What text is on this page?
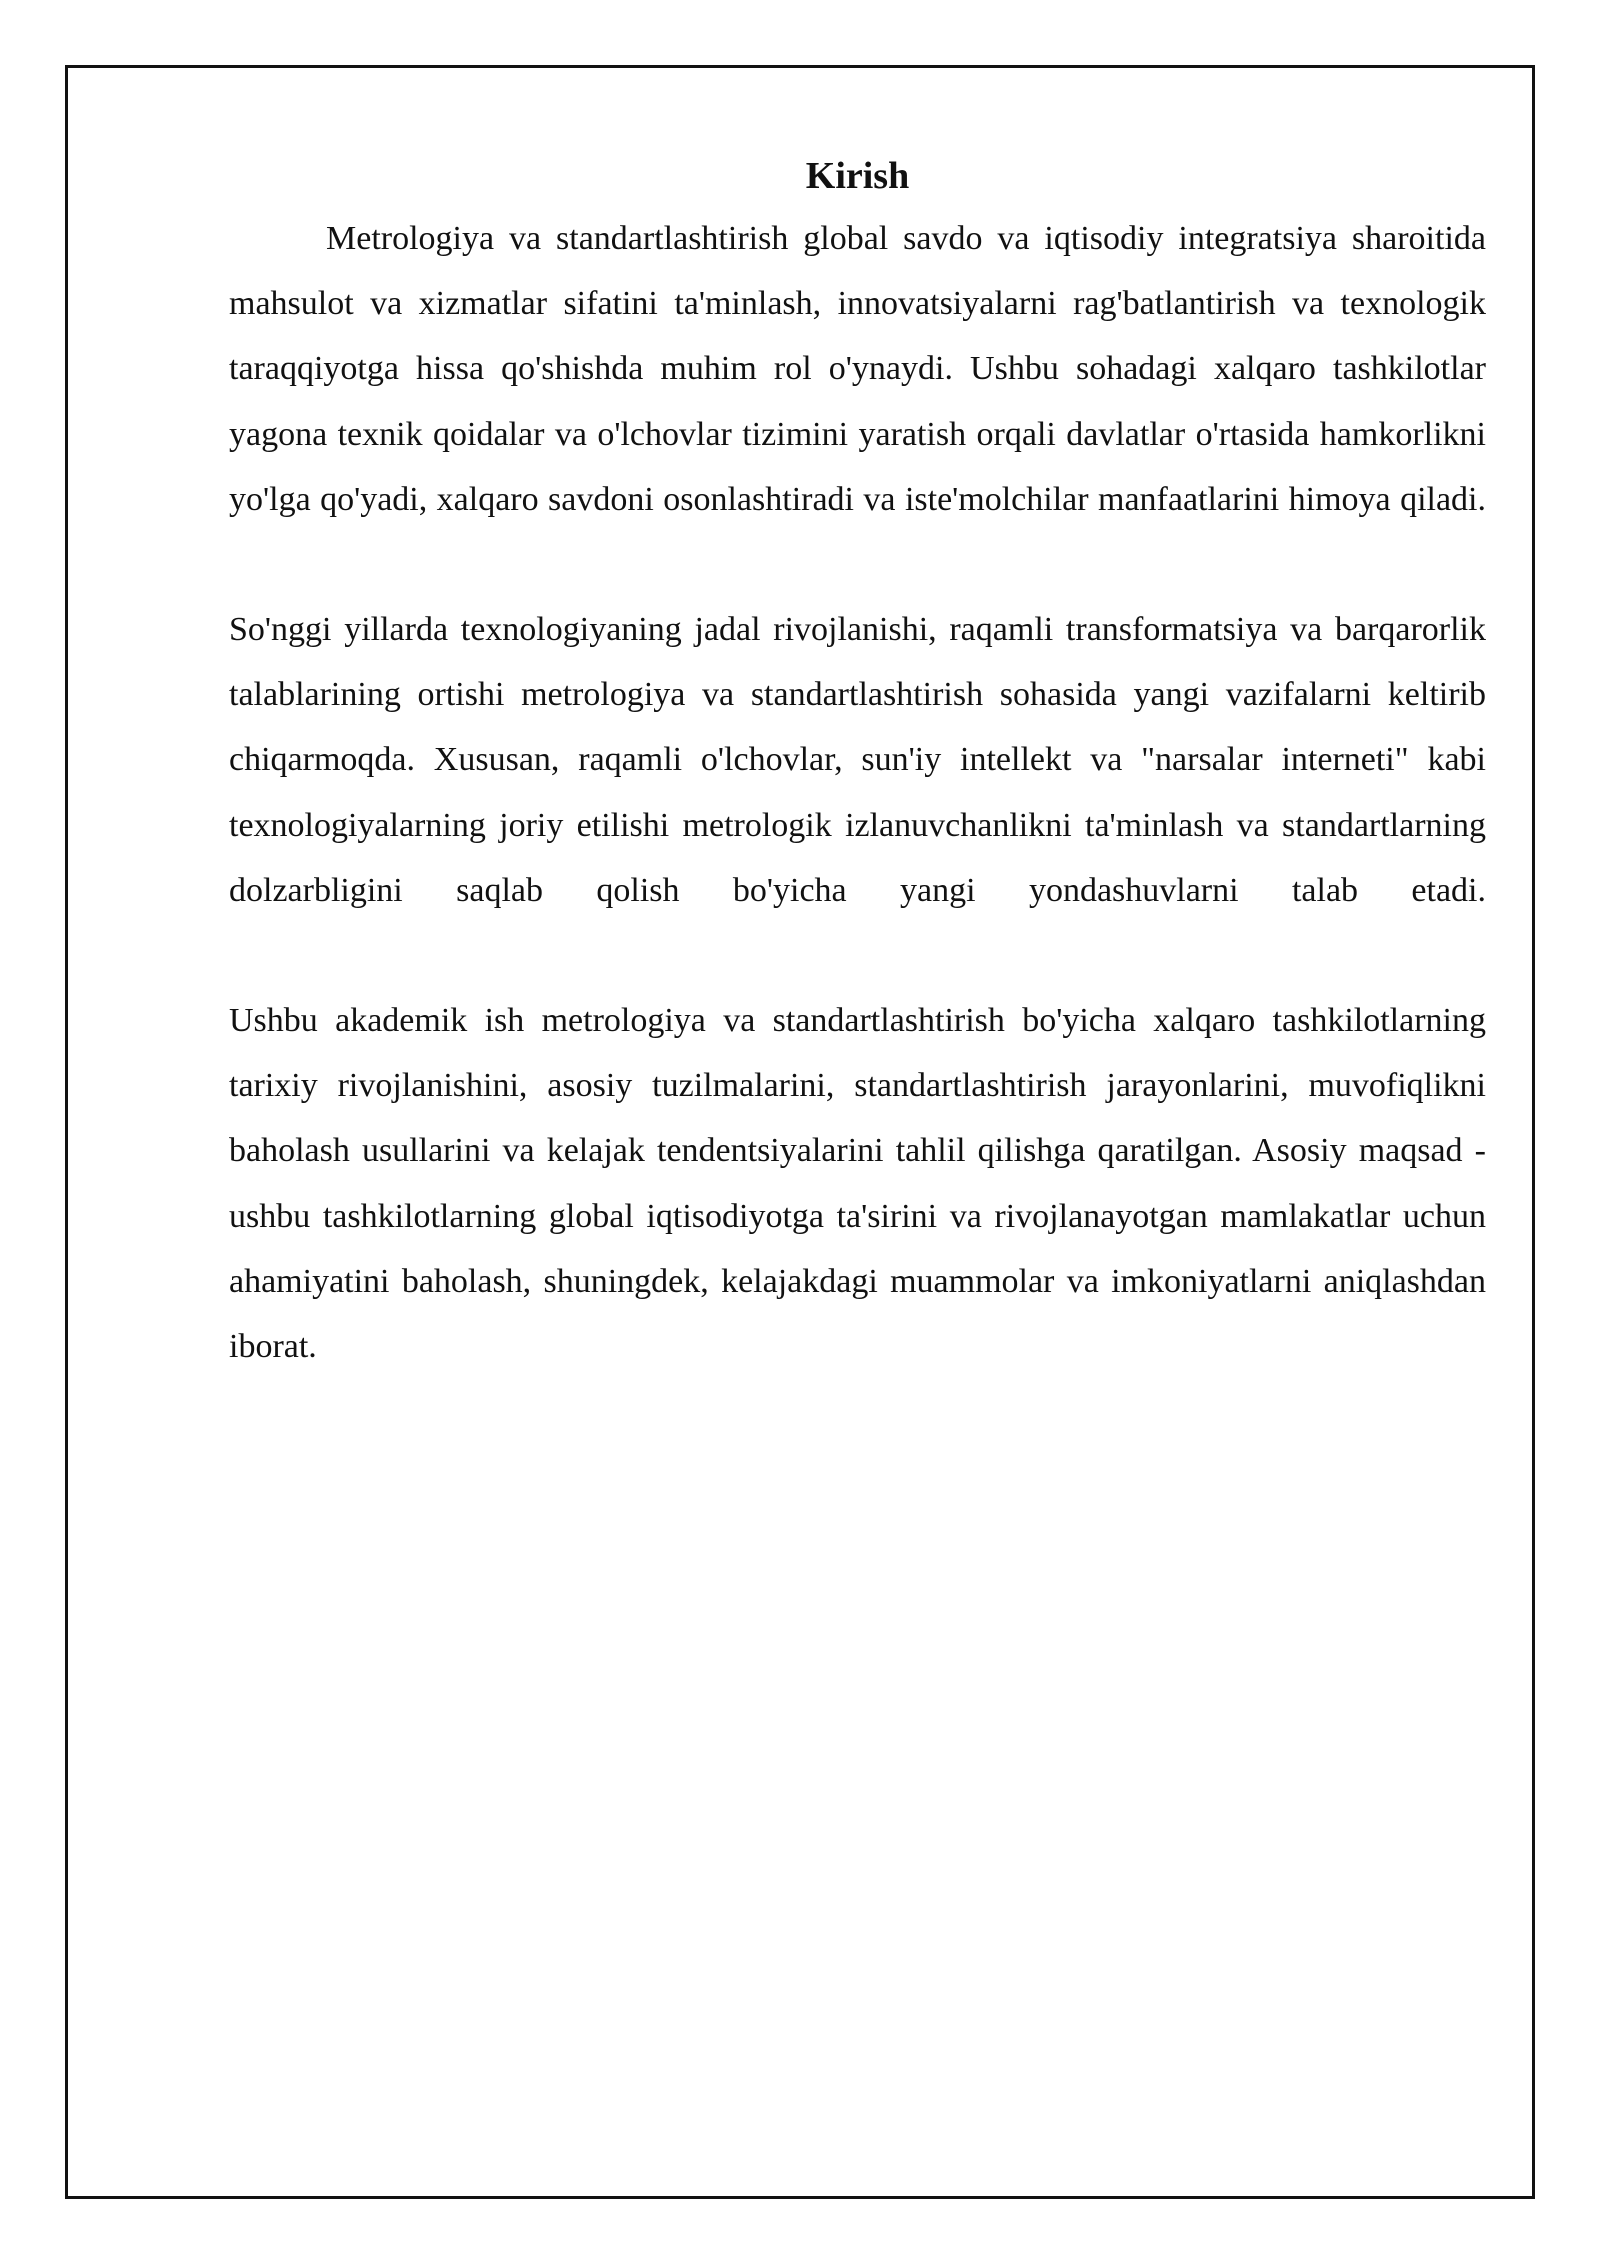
Kirish

Metrologiya va standartlashtirish global savdo va iqtisodiy integratsiya sharoitida mahsulot va xizmatlar sifatini ta'minlash, innovatsiyalarni rag'batlantirish va texnologik taraqqiyotga hissa qo'shishda muhim rol o'ynaydi. Ushbu sohadagi xalqaro tashkilotlar yagona texnik qoidalar va o'lchovlar tizimini yaratish orqali davlatlar o'rtasida hamkorlikni yo'lga qo'yadi, xalqaro savdoni osonlashtiradi va iste'molchilar manfaatlarini himoya qiladi.

So'nggi yillarda texnologiyaning jadal rivojlanishi, raqamli transformatsiya va barqarorlik talablarining ortishi metrologiya va standartlashtirish sohasida yangi vazifalarni keltirib chiqarmoqda. Xususan, raqamli o'lchovlar, sun'iy intellekt va "narsalar interneti" kabi texnologiyalarning joriy etilishi metrologik izlanuvchanlikni ta'minlash va standartlarning dolzarbligini saqlab qolish bo'yicha yangi yondashuvlarni talab etadi.

Ushbu akademik ish metrologiya va standartlashtirish bo'yicha xalqaro tashkilotlarning tarixiy rivojlanishini, asosiy tuzilmalarini, standartlashtirish jarayonlarini, muvofiqlikni baholash usullarini va kelajak tendentsiyalarini tahlil qilishga qaratilgan. Asosiy maqsad - ushbu tashkilotlarning global iqtisodiyotga ta'sirini va rivojlanayotgan mamlakatlar uchun ahamiyatini baholash, shuningdek, kelajakdagi muammolar va imkoniyatlarni aniqlashdan iborat.
